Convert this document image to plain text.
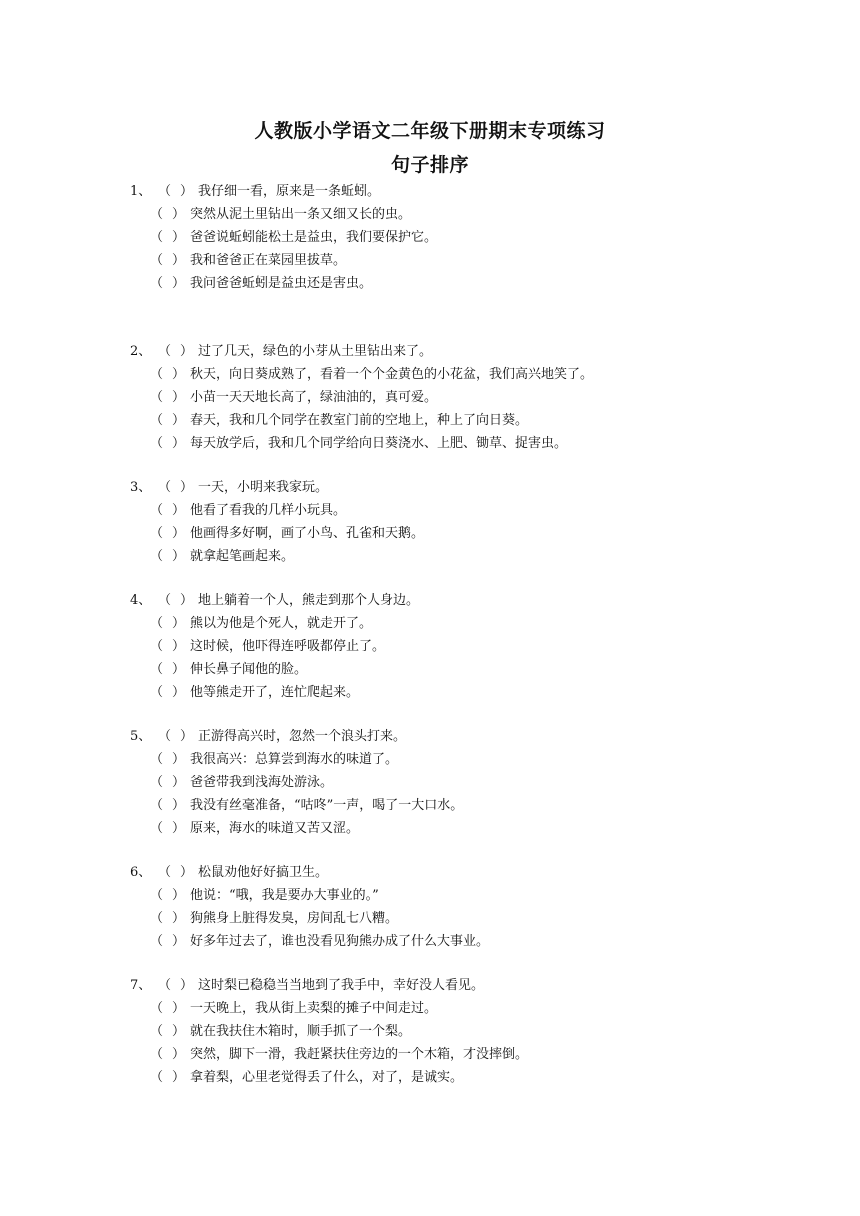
人教版小学语文二年级下册期末专项练习
句子排序
1、 （ ） 我仔细一看，原来是一条蚯蚓。
（ ） 突然从泥土里钻出一条又细又长的虫。
（ ） 爸爸说蚯蚓能松土是益虫，我们要保护它。
（ ） 我和爸爸正在菜园里拔草。
（ ） 我问爸爸蚯蚓是益虫还是害虫。
2、 （ ） 过了几天，绿色的小芽从土里钻出来了。
（ ） 秋天，向日葵成熟了，看着一个个金黄色的小花盆，我们高兴地笑了。
（ ） 小苗一天天地长高了，绿油油的，真可爱。
（ ） 春天，我和几个同学在教室门前的空地上，种上了向日葵。
（ ） 每天放学后，我和几个同学给向日葵浇水、上肥、锄草、捉害虫。
3、 （ ） 一天，小明来我家玩。
（ ） 他看了看我的几样小玩具。
（ ） 他画得多好啊，画了小鸟、孔雀和天鹅。
（ ） 就拿起笔画起来。
4、 （ ） 地上躺着一个人，熊走到那个人身边。
（ ） 熊以为他是个死人，就走开了。
（ ） 这时候，他吓得连呼吸都停止了。
（ ） 伸长鼻子闻他的脸。
（ ） 他等熊走开了，连忙爬起来。
5、 （ ） 正游得高兴时，忽然一个浪头打来。
（ ） 我很高兴：总算尝到海水的味道了。
（ ） 爸爸带我到浅海处游泳。
（ ） 我没有丝毫准备，“咕咚”一声，喝了一大口水。
（ ） 原来，海水的味道又苦又涩。
6、 （ ） 松鼠劝他好好搞卫生。
（ ） 他说：“哦，我是要办大事业的。”
（ ） 狗熊身上脏得发臭，房间乱七八糟。
（ ） 好多年过去了，谁也没看见狗熊办成了什么大事业。
7、 （ ） 这时梨已稳稳当当地到了我手中，幸好没人看见。
（ ） 一天晚上，我从街上卖梨的摊子中间走过。
（ ） 就在我扶住木箱时，顺手抓了一个梨。
（ ） 突然，脚下一滑，我赶紧扶住旁边的一个木箱，才没摔倒。
（ ） 拿着梨，心里老觉得丢了什么，对了，是诚实。
